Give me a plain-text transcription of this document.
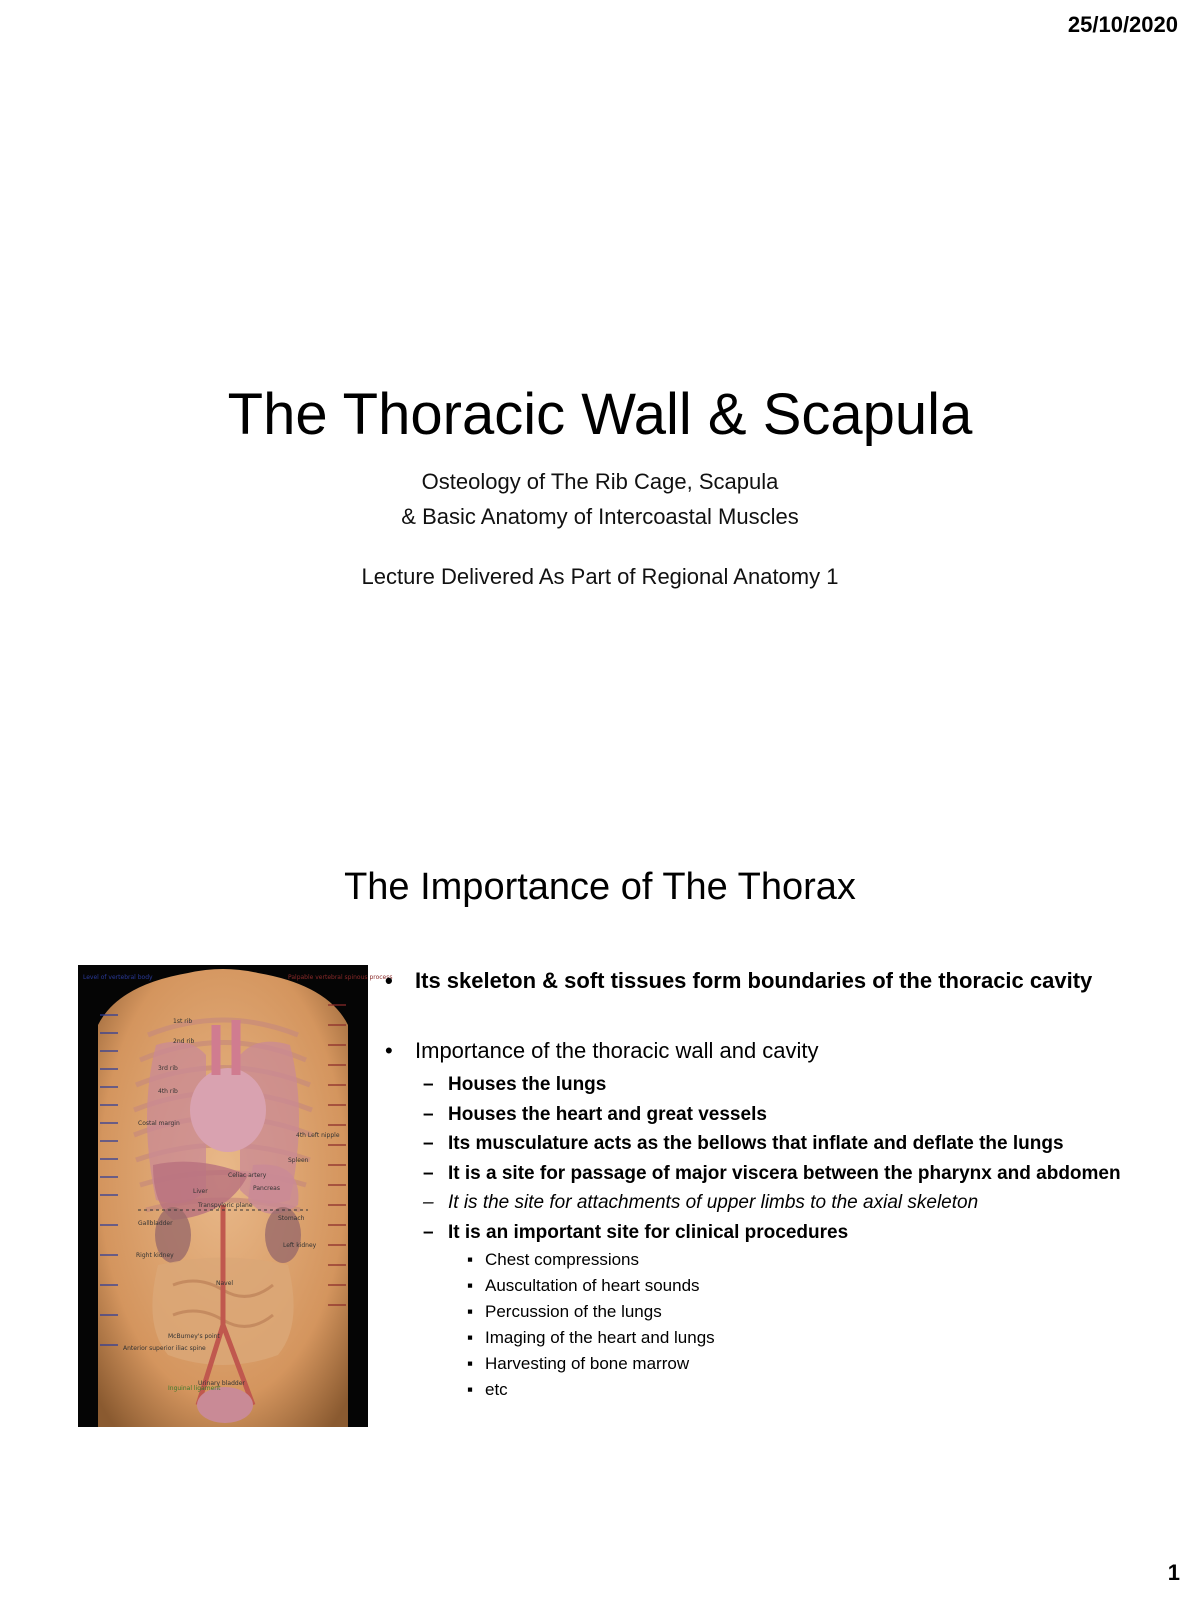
25/10/2020
The Thoracic Wall & Scapula
Osteology of The Rib Cage, Scapula
& Basic Anatomy of Intercoastal Muscles
Lecture Delivered As Part of Regional Anatomy 1
The Importance of The Thorax
Level of vertebral body	Palpable vertebral spinous process
1st rib
2nd rib
3rd rib
4th rib
Costal margin
4th Left nipple
Spleen
Celiac artery
Pancreas
Liver
Transpyloric plane
Gallbladder
Stomach
Right kidney
Left kidney
Navel
McBurney's point
Anterior superior iliac spine
Urinary bladder
Inguinal ligament
• Its skeleton & soft tissues form boundaries of the thoracic cavity
• Importance of the thoracic wall and cavity
– Houses the lungs
– Houses the heart and great vessels
– Its musculature acts as the bellows that inflate and deflate the lungs
– It is a site for passage of major viscera between the pharynx and abdomen
– It is the site for attachments of upper limbs to the axial skeleton
– It is an important site for clinical procedures
▪ Chest compressions
▪ Auscultation of heart sounds
▪ Percussion of the lungs
▪ Imaging of the heart and lungs
▪ Harvesting of bone marrow
▪ etc
1
